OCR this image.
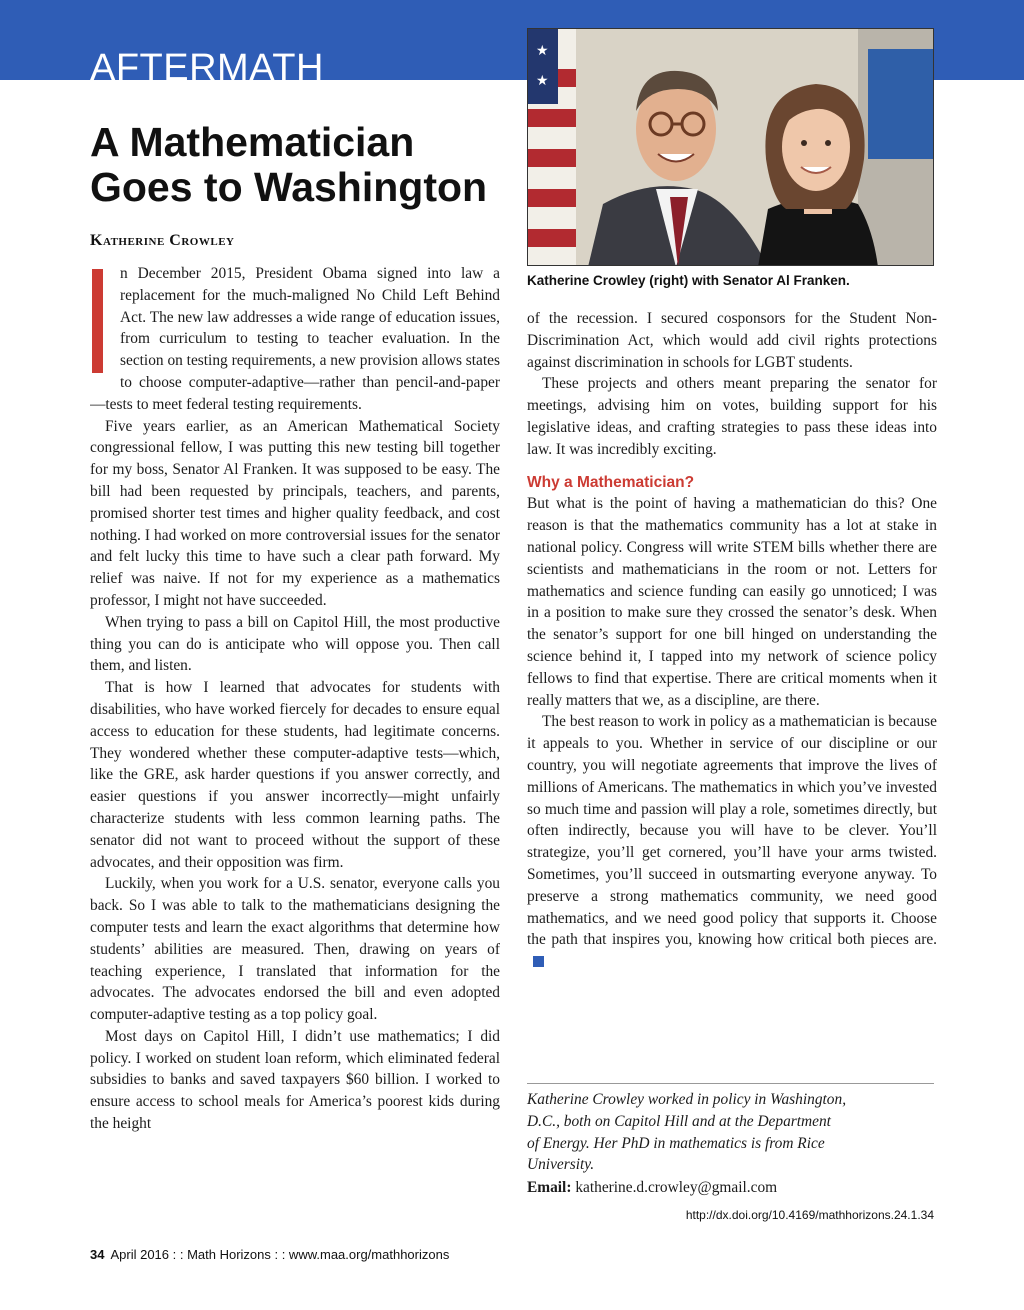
AFTERMATH
A Mathematician Goes to Washington
Katherine Crowley
★
★
Katherine Crowley (right) with Senator Al Franken.

n December 2015, President Obama signed into law a replacement for the much-maligned No Child Left Behind Act. The new law addresses a wide range of education issues, from curriculum to testing to teacher evaluation. In the section on testing requirements, a new provision allows states to choose computer-adaptive—rather than pencil-and-paper—tests to meet federal testing requirements.

Five years earlier, as an American Mathematical Society congressional fellow, I was putting this new testing bill together for my boss, Senator Al Franken. It was supposed to be easy. The bill had been requested by principals, teachers, and parents, promised shorter test times and higher quality feedback, and cost nothing. I had worked on more controversial issues for the senator and felt lucky this time to have such a clear path forward. My relief was naive. If not for my experience as a mathematics professor, I might not have succeeded.

When trying to pass a bill on Capitol Hill, the most productive thing you can do is anticipate who will oppose you. Then call them, and listen.

That is how I learned that advocates for students with disabilities, who have worked fiercely for decades to ensure equal access to education for these students, had legitimate concerns. They wondered whether these computer-adaptive tests—which, like the GRE, ask harder questions if you answer correctly, and easier questions if you answer incorrectly—might unfairly characterize students with less common learning paths. The senator did not want to proceed without the support of these advocates, and their opposition was firm.

Luckily, when you work for a U.S. senator, everyone calls you back. So I was able to talk to the mathematicians designing the computer tests and learn the exact algorithms that determine how students’ abilities are measured. Then, drawing on years of teaching experience, I translated that information for the advocates. The advocates endorsed the bill and even adopted computer-adaptive testing as a top policy goal.

Most days on Capitol Hill, I didn’t use mathematics; I did policy. I worked on student loan reform, which eliminated federal subsidies to banks and saved taxpayers $60 billion. I worked to ensure access to school meals for America’s poorest kids during the height

of the recession. I secured cosponsors for the Student Non-Discrimination Act, which would add civil rights protections against discrimination in schools for LGBT students.

These projects and others meant preparing the senator for meetings, advising him on votes, building support for his legislative ideas, and crafting strategies to pass these ideas into law. It was incredibly exciting.

Why a Mathematician?

But what is the point of having a mathematician do this? One reason is that the mathematics community has a lot at stake in national policy. Congress will write STEM bills whether there are scientists and mathematicians in the room or not. Letters for mathematics and science funding can easily go unnoticed; I was in a position to make sure they crossed the senator’s desk. When the senator’s support for one bill hinged on understanding the science behind it, I tapped into my network of science policy fellows to find that expertise. There are critical moments when it really matters that we, as a discipline, are there.

The best reason to work in policy as a mathematician is because it appeals to you. Whether in service of our discipline or our country, you will negotiate agreements that improve the lives of millions of Americans. The mathematics in which you’ve invested so much time and passion will play a role, sometimes directly, but often indirectly, because you will have to be clever. You’ll strategize, you’ll get cornered, you’ll have your arms twisted. Sometimes, you’ll succeed in outsmarting everyone anyway. To preserve a strong mathematics community, we need good mathematics, and we need good policy that supports it. Choose the path that inspires you, knowing how critical both pieces are.

Katherine Crowley worked in policy in Washington,
D.C., both on Capitol Hill and at the Department
of Energy. Her PhD in mathematics is from Rice
University.
Email: katherine.d.crowley@gmail.com
http://dx.doi.org/10.4169/mathhorizons.24.1.34
34 April 2016 : : Math Horizons : : www.maa.org/mathhorizons
